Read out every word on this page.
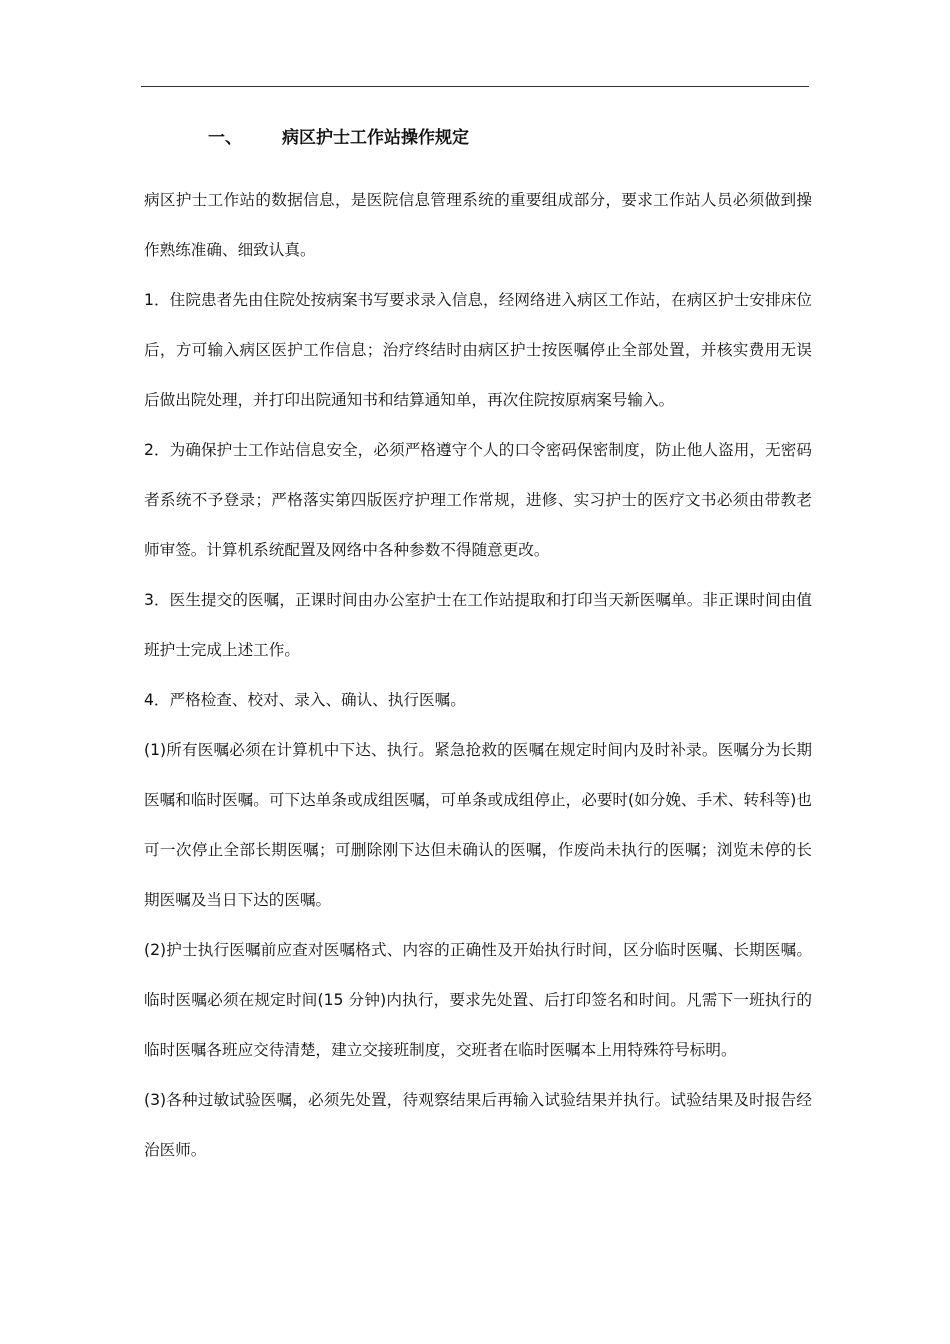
一、 病区护士工作站操作规定

病区护士工作站的数据信息，是医院信息管理系统的重要组成部分，要求工作站人员必须做到操作熟练准确、细致认真。

1．住院患者先由住院处按病案书写要求录入信息，经网络进入病区工作站，在病区护士安排床位后，方可输入病区医护工作信息；治疗终结时由病区护士按医嘱停止全部处置，并核实费用无误后做出院处理，并打印出院通知书和结算通知单，再次住院按原病案号输入。

2．为确保护士工作站信息安全，必须严格遵守个人的口令密码保密制度，防止他人盗用，无密码者系统不予登录；严格落实第四版医疗护理工作常规，进修、实习护士的医疗文书必须由带教老师审签。计算机系统配置及网络中各种参数不得随意更改。

3．医生提交的医嘱，正课时间由办公室护士在工作站提取和打印当天新医嘱单。非正课时间由值班护士完成上述工作。

4．严格检查、校对、录入、确认、执行医嘱。

(1)所有医嘱必须在计算机中下达、执行。紧急抢救的医嘱在规定时间内及时补录。医嘱分为长期医嘱和临时医嘱。可下达单条或成组医嘱，可单条或成组停止，必要时(如分娩、手术、转科等)也可一次停止全部长期医嘱；可删除刚下达但未确认的医嘱，作废尚未执行的医嘱；浏览未停的长期医嘱及当日下达的医嘱。

(2)护士执行医嘱前应查对医嘱格式、内容的正确性及开始执行时间，区分临时医嘱、长期医嘱。临时医嘱必须在规定时间(15 分钟)内执行，要求先处置、后打印签名和时间。凡需下一班执行的临时医嘱各班应交待清楚，建立交接班制度，交班者在临时医嘱本上用特殊符号标明。

(3)各种过敏试验医嘱，必须先处置，待观察结果后再输入试验结果并执行。试验结果及时报告经治医师。
